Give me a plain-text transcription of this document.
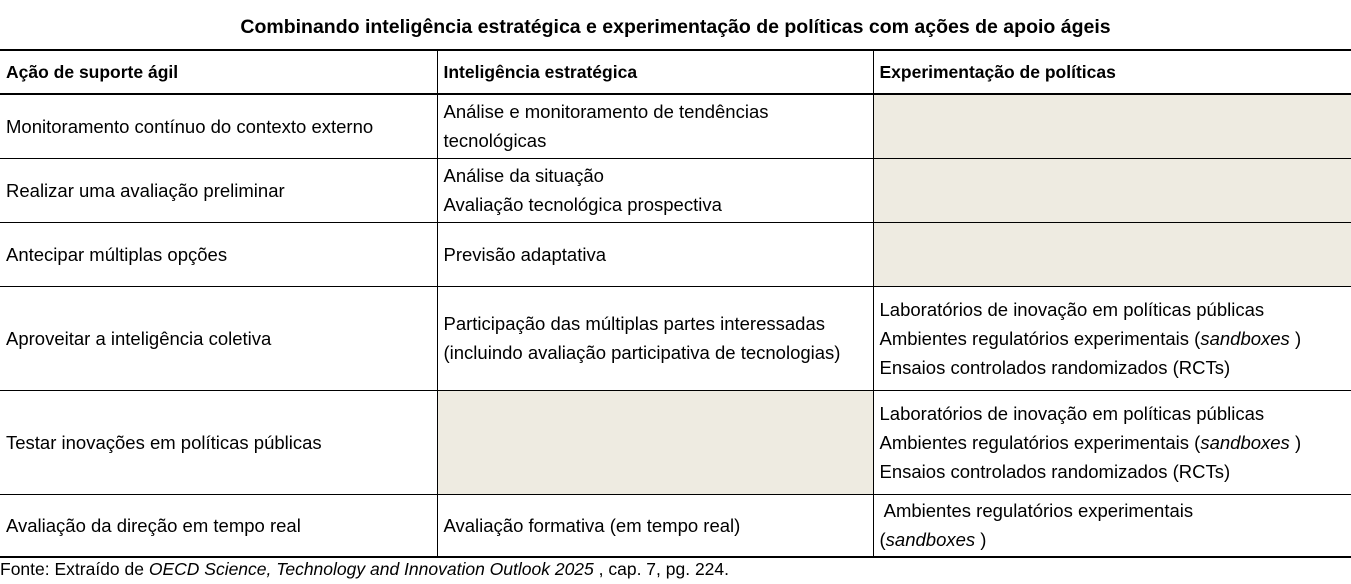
Combinando inteligência estratégica e experimentação de políticas com ações de apoio ágeis
Ação de suporte ágil	Inteligência estratégica	Experimentação de políticas
Monitoramento contínuo do contexto externo	Análise e monitoramento de tendências tecnológicas	

Realizar uma avaliação preliminar	Análise da situação
Avaliação tecnológica prospectiva	

Antecipar múltiplas opções	Previsão adaptativa	

Aproveitar a inteligência coletiva	Participação das múltiplas partes interessadas (incluindo avaliação participativa de tecnologias)	Laboratórios de inovação em políticas públicas
Ambientes regulatórios experimentais (sandboxes )
Ensaios controlados randomizados (RCTs)

Testar inovações em políticas públicas		Laboratórios de inovação em políticas públicas
Ambientes regulatórios experimentais (sandboxes )
Ensaios controlados randomizados (RCTs)

Avaliação da direção em tempo real	Avaliação formativa (em tempo real)	Ambientes regulatórios experimentais
(sandboxes )
Fonte: Extraído de OECD Science, Technology and Innovation Outlook 2025 , cap. 7, pg. 224.
